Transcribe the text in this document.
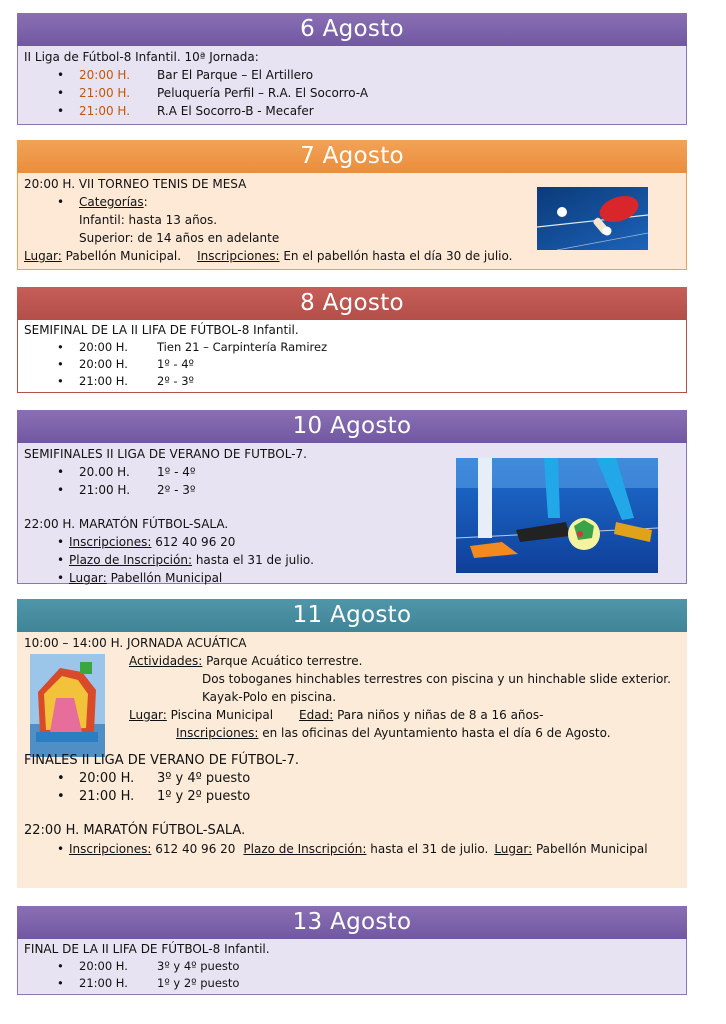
6 Agosto
II Liga de Fútbol-8 Infantil. 10ª Jornada:
• 20:00 H. Bar El Parque – El Artillero
• 21:00 H. Peluquería Perfil – R.A. El Socorro-A
• 21:00 H. R.A El Socorro-B - Mecafer
7 Agosto
20:00 H. VII TORNEO TENIS DE MESA
• Categorías:
Infantil: hasta 13 años.
Superior: de 14 años en adelante
Lugar: Pabellón Municipal. Inscripciones: En el pabellón hasta el día 30 de julio.
8 Agosto
SEMIFINAL DE LA II LIFA DE FÚTBOL-8 Infantil.
• 20:00 H.	Tien 21 – Carpintería Ramirez
• 20:00 H.	1º - 4º
• 21:00 H.	2º - 3º
10 Agosto
SEMIFINALES II LIGA DE VERANO DE FUTBOL-7.
• 20.00 H. 1º - 4º
• 21:00 H. 2º - 3º
22:00 H. MARATÓN FÚTBOL-SALA.
• Inscripciones: 612 40 96 20
• Plazo de Inscripción: hasta el 31 de julio.
• Lugar: Pabellón Municipal
11 Agosto
10:00 – 14:00 H. JORNADA ACUÁTICA
Actividades: Parque Acuático terrestre.
Dos toboganes hinchables terrestres con piscina y un hinchable slide exterior.
Kayak-Polo en piscina.
Lugar: Piscina Municipal Edad: Para niños y niñas de 8 a 16 años-
Inscripciones: en las oficinas del Ayuntamiento hasta el día 6 de Agosto.
FINALES II LIGA DE VERANO DE FÚTBOL-7.
• 20:00 H. 3º y 4º puesto
• 21:00 H. 1º y 2º puesto
22:00 H. MARATÓN FÚTBOL-SALA.
• Inscripciones: 612 40 96 20 Plazo de Inscripción: hasta el 31 de julio. Lugar: Pabellón Municipal
13 Agosto
FINAL DE LA II LIFA DE FÚTBOL-8 Infantil.
• 20:00 H.	3º y 4º puesto
• 21:00 H.	1º y 2º puesto
